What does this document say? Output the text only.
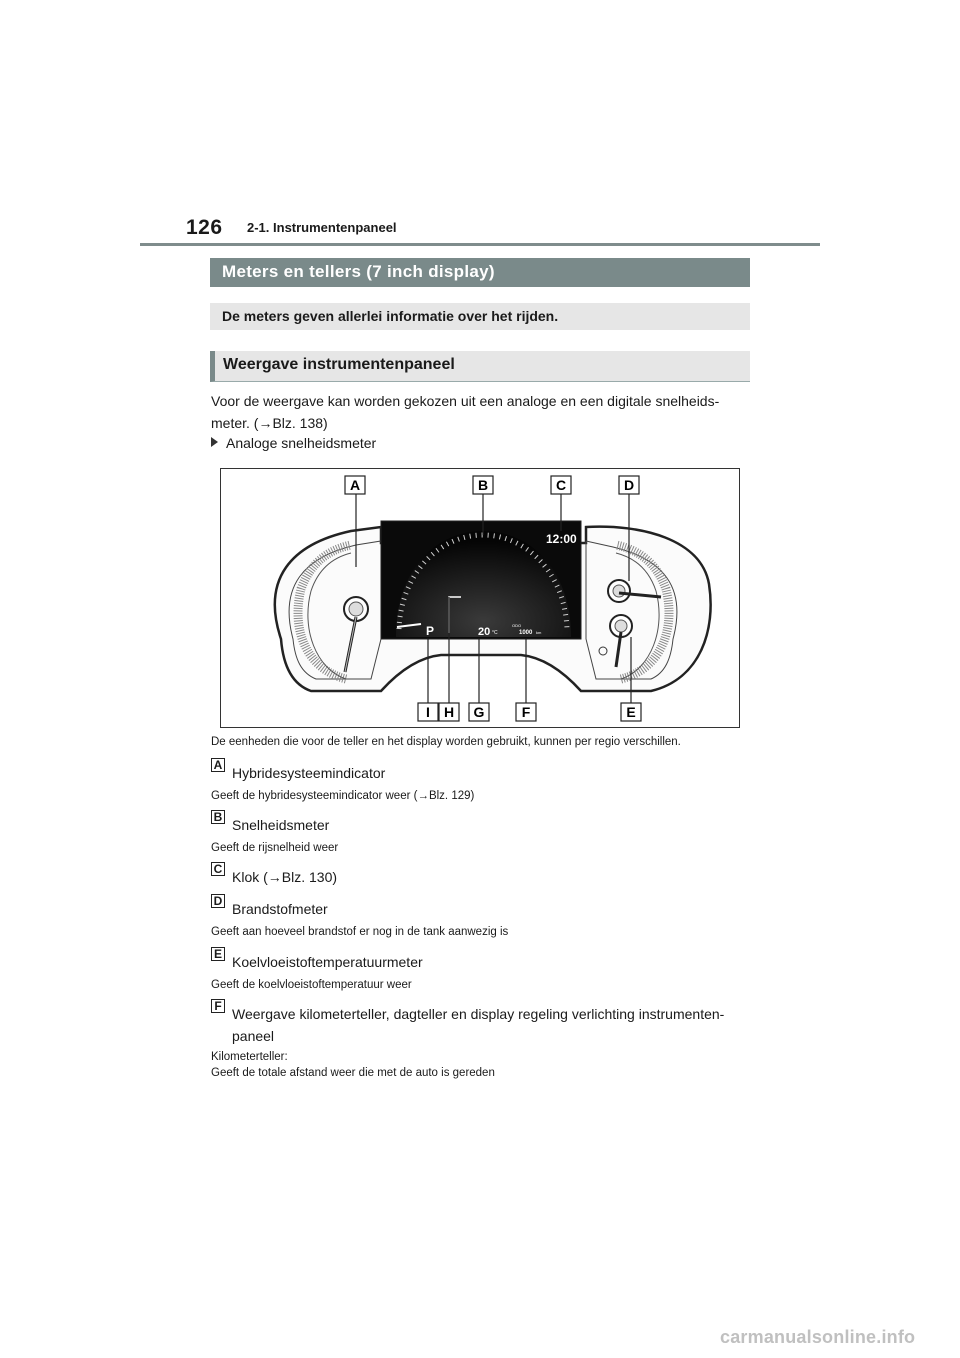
126 2-1. Instrumentenpaneel
Meters en tellers (7 inch display)
De meters geven allerlei informatie over het rijden.
Weergave instrumentenpaneel
Voor de weergave kan worden gekozen uit een analoge en een digitale snelheids-meter. (→Blz. 138)
Analoge snelheidsmeter
12:00
P	20 °C
ODO
1000 km
A	B	C	D
I H G	F	E
De eenheden die voor de teller en het display worden gebruikt, kunnen per regio verschillen.
A Hybridesysteemindicator
Geeft de hybridesysteemindicator weer (→Blz. 129)
B Snelheidsmeter
Geeft de rijsnelheid weer
C Klok (→Blz. 130)
D Brandstofmeter
Geeft aan hoeveel brandstof er nog in de tank aanwezig is
E Koelvloeistoftemperatuurmeter
Geeft de koelvloeistoftemperatuur weer
F Weergave kilometerteller, dagteller en display regeling verlichting instrumenten-paneel
Kilometerteller:
Geeft de totale afstand weer die met de auto is gereden
carmanualsonline.info
